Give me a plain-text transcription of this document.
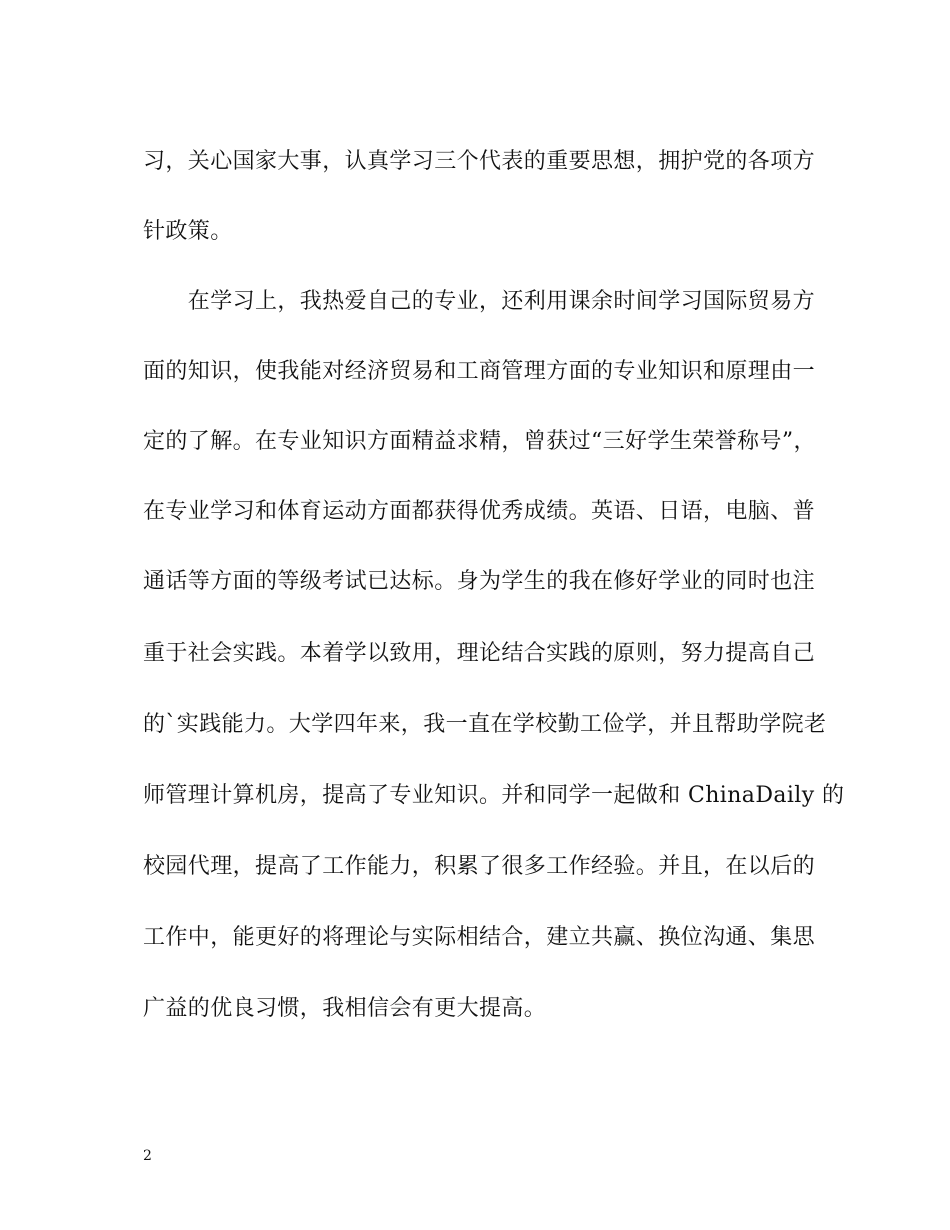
习，关心国家大事，认真学习三个代表的重要思想，拥护党的各项方
针政策。
　　在学习上，我热爱自己的专业，还利用课余时间学习国际贸易方
面的知识，使我能对经济贸易和工商管理方面的专业知识和原理由一
定的了解。在专业知识方面精益求精，曾获过“三好学生荣誉称号”，
在专业学习和体育运动方面都获得优秀成绩。英语、日语，电脑、普
通话等方面的等级考试已达标。身为学生的我在修好学业的同时也注
重于社会实践。本着学以致用，理论结合实践的原则，努力提高自己
的`实践能力。大学四年来，我一直在学校勤工俭学，并且帮助学院老
师管理计算机房，提高了专业知识。并和同学一起做和 ChinaDaily 的
校园代理，提高了工作能力，积累了很多工作经验。并且，在以后的
工作中，能更好的将理论与实际相结合，建立共赢、换位沟通、集思
广益的优良习惯，我相信会有更大提高。
2
